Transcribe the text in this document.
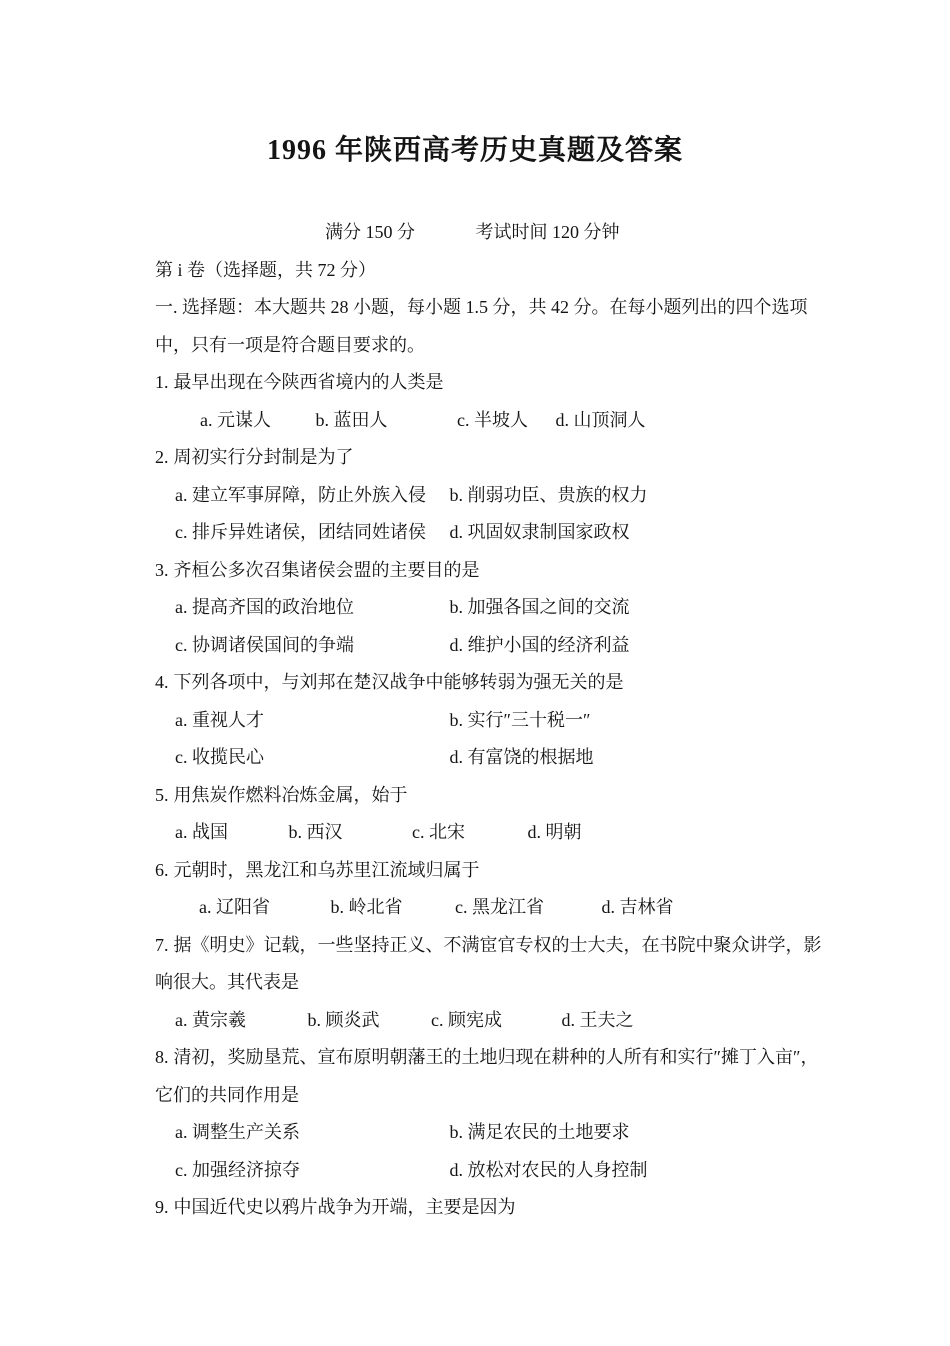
1996 年陕西高考历史真题及答案
满分 150 分	考试时间 120 分钟
第 i 卷（选择题，共 72 分）
一. 选择题：本大题共 28 小题，每小题 1.5 分，共 42 分。在每小题列出的四个选项
中，只有一项是符合题目要求的。
1. 最早出现在今陕西省境内的人类是
a. 元谋人 b. 蓝田人	c. 半坡人 d. 山顶洞人
2. 周初实行分封制是为了
a. 建立军事屏障，防止外族入侵 b. 削弱功臣、贵族的权力
c. 排斥异姓诸侯，团结同姓诸侯 d. 巩固奴隶制国家政权
3. 齐桓公多次召集诸侯会盟的主要目的是
a. 提高齐国的政治地位	b. 加强各国之间的交流
c. 协调诸侯国间的争端	d. 维护小国的经济利益
4. 下列各项中，与刘邦在楚汉战争中能够转弱为强无关的是
a. 重视人才	b. 实行″三十税一″
c. 收揽民心	d. 有富饶的根据地
5. 用焦炭作燃料冶炼金属，始于
a. 战国	b. 西汉	c. 北宋	d. 明朝
6. 元朝时，黑龙江和乌苏里江流域归属于
a. 辽阳省	b. 岭北省	c. 黑龙江省	d. 吉林省
7. 据《明史》记载，一些坚持正义、不满宦官专权的士大夫，在书院中聚众讲学，影
响很大。其代表是
a. 黄宗羲	b. 顾炎武	c. 顾宪成	d. 王夫之
8. 清初，奖励垦荒、宣布原明朝藩王的土地归现在耕种的人所有和实行″摊丁入亩″，
它们的共同作用是
a. 调整生产关系	b. 满足农民的土地要求
c. 加强经济掠夺	d. 放松对农民的人身控制
9. 中国近代史以鸦片战争为开端，主要是因为
